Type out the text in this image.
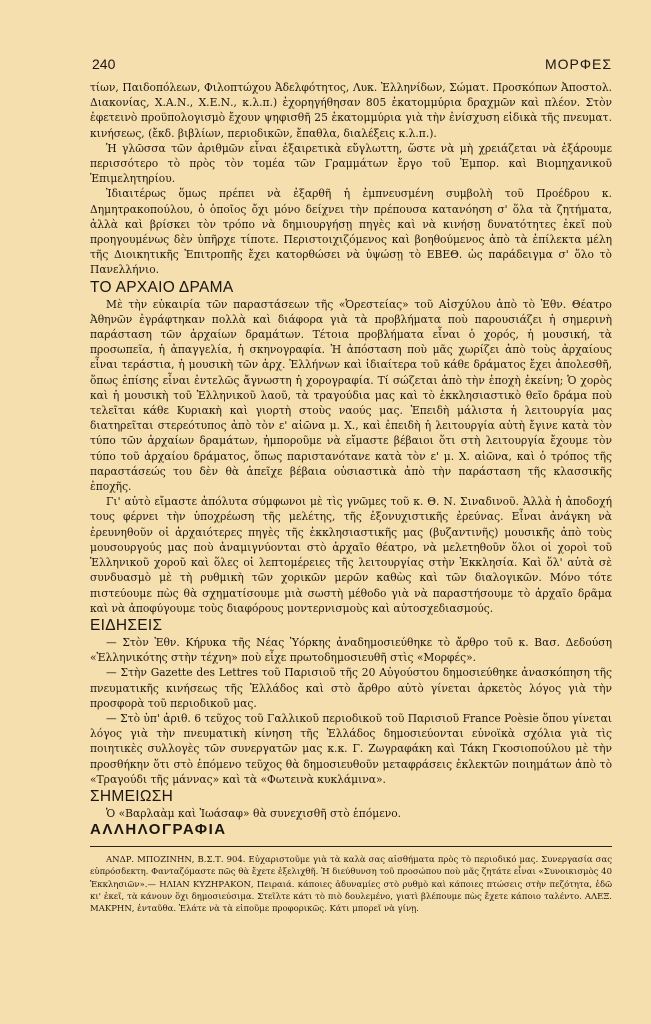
240	ΜΟΡΦΕΣ

τίων, Παιδοπόλεων, Φιλοπτώχου Ἀδελφότητος, Λυκ. Ἑλληνίδων, Σώματ. Προσκόπων Ἀποστολ. Διακονίας, Χ.Α.Ν., Χ.Ε.Ν., κ.λ.π.) ἐχορηγήθησαν 805 ἑκατομμύρια δραχμῶν καὶ πλέον. Στὸν ἐφετεινὸ προϋπολογισμὸ ἔχουν ψηφισθῆ 25 ἑκατομμύρια γιὰ τὴν ἐνίσχυση εἰδικὰ τῆς πνευματ. κινήσεως, (ἔκδ. βιβλίων, περιοδικῶν, ἔπαθλα, διαλέξεις κ.λ.π.).

Ἡ γλῶσσα τῶν ἀριθμῶν εἶναι ἐξαιρετικὰ εὔγλωττη, ὥστε νὰ μὴ χρειάζεται νὰ ἐξάρουμε περισσότερο τὸ πρὸς τὸν τομέα τῶν Γραμμάτων ἔργο τοῦ Ἐμπορ. καὶ Βιομηχανικοῦ Ἐπιμελητηρίου.

Ἰδιαιτέρως ὅμως πρέπει νὰ ἐξαρθῆ ἡ ἐμπνευσμένη συμβολὴ τοῦ Προέδρου κ. Δημητρακοπούλου, ὁ ὁποῖος ὄχι μόνο δείχνει τὴν πρέπουσα κατανόηση σ' ὅλα τὰ ζητήματα, ἀλλὰ καὶ βρίσκει τὸν τρόπο νὰ δημιουργήσῃ πηγὲς καὶ νὰ κινήσῃ δυνατότητες ἐκεῖ ποὺ προηγουμένως δὲν ὑπῆρχε τίποτε. Περιστοιχιζόμενος καὶ βοηθούμενος ἀπὸ τὰ ἐπίλεκτα μέλη τῆς Διοικητικῆς Ἐπιτροπῆς ἔχει κατορθώσει νὰ ὑψώσῃ τὸ ΕΒΕΘ. ὡς παράδειγμα σ' ὅλο τὸ Πανελλήνιο.

ΤΟ ΑΡΧΑΙΟ ΔΡΑΜΑ

Μὲ τὴν εὐκαιρία τῶν παραστάσεων τῆς «Ὀρεστείας» τοῦ Αἰσχύλου ἀπὸ τὸ Ἐθν. Θέατρο Ἀθηνῶν ἐγράφτηκαν πολλὰ καὶ διάφορα γιὰ τὰ προβλήματα ποὺ παρουσιάζει ἡ σημερινὴ παράσταση τῶν ἀρχαίων δραμάτων. Τέτοια προβλήματα εἶναι ὁ χορός, ἡ μουσική, τὰ προσωπεῖα, ἡ ἀπαγγελία, ἡ σκηνογραφία. Ἡ ἀπόσταση ποὺ μᾶς χωρίζει ἀπὸ τοὺς ἀρχαίους εἶναι τεράστια, ἡ μουσικὴ τῶν ἀρχ. Ἑλλήνων καὶ ἰδιαίτερα τοῦ κάθε δράματος ἔχει ἀπολεσθῆ, ὅπως ἐπίσης εἶναι ἐντελῶς ἄγνωστη ἡ χορογραφία. Τί σώζεται ἀπὸ τὴν ἐποχὴ ἐκείνη; Ὁ χορὸς καὶ ἡ μουσικὴ τοῦ Ἑλληνικοῦ λαοῦ, τὰ τραγούδια μας καὶ τὸ ἐκκλησιαστικὸ θεῖο δράμα ποὺ τελεῖται κάθε Κυριακὴ καὶ γιορτὴ στοὺς ναούς μας. Ἐπειδὴ μάλιστα ἡ λειτουργία μας διατηρεῖται στερεότυπος ἀπὸ τὸν ε' αἰῶνα μ. Χ., καὶ ἐπειδὴ ἡ λειτουργία αὐτὴ ἔγινε κατὰ τὸν τύπο τῶν ἀρχαίων δραμάτων, ἠμποροῦμε νὰ εἴμαστε βέβαιοι ὅτι στὴ λειτουργία ἔχουμε τὸν τύπο τοῦ ἀρχαίου δράματος, ὅπως παριστανότανε κατὰ τὸν ε' μ. Χ. αἰῶνα, καὶ ὁ τρόπος τῆς παραστάσεώς του δὲν θὰ ἀπεῖχε βέβαια οὐσιαστικὰ ἀπὸ τὴν παράσταση τῆς κλασσικῆς ἐποχῆς.

Γι' αὐτὸ εἴμαστε ἀπόλυτα σύμφωνοι μὲ τὶς γνῶμες τοῦ κ. Θ. Ν. Σιναδινοῦ. Ἀλλὰ ἡ ἀποδοχή τους φέρνει τὴν ὑποχρέωση τῆς μελέτης, τῆς ἐξονυχιστικῆς ἐρεύνας. Εἶναι ἀνάγκη νὰ ἐρευνηθοῦν οἱ ἀρχαιότερες πηγὲς τῆς ἐκκλησιαστικῆς μας (βυζαντινῆς) μουσικῆς ἀπὸ τοὺς μουσουργούς μας ποὺ ἀναμιγνύονται στὸ ἀρχαῖο θέατρο, νὰ μελετηθοῦν ὅλοι οἱ χοροὶ τοῦ Ἑλληνικοῦ χοροῦ καὶ ὅλες οἱ λεπτομέρειες τῆς λειτουργίας στὴν Ἐκκλησία. Καὶ ὅλ' αὐτὰ σὲ συνδυασμὸ μὲ τὴ ρυθμικὴ τῶν χορικῶν μερῶν καθὼς καὶ τῶν διαλογικῶν. Μόνο τότε πιστεύουμε πὼς θὰ σχηματίσουμε μιὰ σωστὴ μέθοδο γιὰ νὰ παραστήσουμε τὸ ἀρχαῖο δρᾶμα καὶ νὰ ἀποφύγουμε τοὺς διαφόρους μοντερνισμοὺς καὶ αὐτοσχεδιασμούς.

ΕΙΔΗΣΕΙΣ

— Στὸν Ἐθν. Κήρυκα τῆς Νέας Ὑόρκης ἀναδημοσιεύθηκε τὸ ἄρθρο τοῦ κ. Βασ. Δεδούση «Ἑλληνικότης στὴν τέχνη» ποὺ εἶχε πρωτοδημοσιευθῆ στὶς «Μορφές».

— Στὴν Gazette des Lettres τοῦ Παρισιοῦ τῆς 20 Αὐγούστου δημοσιεύθηκε ἀνασκόπηση τῆς πνευματικῆς κινήσεως τῆς Ἑλλάδος καὶ στὸ ἄρθρο αὐτὸ γίνεται ἀρκετὸς λόγος γιὰ τὴν προσφορὰ τοῦ περιοδικοῦ μας.

— Στὸ ὑπ' ἀριθ. 6 τεῦχος τοῦ Γαλλικοῦ περιοδικοῦ τοῦ Παρισιοῦ France Poèsie ὅπου γίνεται λόγος γιὰ τὴν πνευματικὴ κίνηση τῆς Ἑλλάδος δημοσιεύονται εὐνοϊκὰ σχόλια γιὰ τὶς ποιητικὲς συλλογὲς τῶν συνεργατῶν μας κ.κ. Γ. Ζωγραφάκη καὶ Τάκη Γκοσιοπούλου μὲ τὴν προσθήκην ὅτι στὸ ἑπόμενο τεῦχος θὰ δημοσιευθοῦν μεταφράσεις ἐκλεκτῶν ποιημάτων ἀπὸ τὸ «Τραγούδι τῆς μάννας» καὶ τὰ «Φωτεινὰ κυκλάμινα».

ΣΗΜΕΙΩΣΗ

Ὁ «Βαρλαὰμ καὶ Ἰωάσαφ» θὰ συνεχισθῆ στὸ ἑπόμενο.

ΑΛΛΗΛΟΓΡΑΦΙΑ

ΑΝΔΡ. ΜΠΟΖΙΝΗΝ, Β.Σ.Τ. 904. Εὐχαριστοῦμε γιὰ τὰ καλὰ σας αἰσθήματα πρὸς τὸ περιοδικό μας. Συνεργασία σας εὐπρόσδεκτη. Φανταζόμαστε πῶς θὰ ἔχετε ἐξελιχθῆ. Ἡ διεύθυνση τοῦ προσώπου ποὺ μᾶς ζητάτε εἶναι «Συνοικισμὸς 40 Ἐκκλησιῶν».— ΗΛΙΑΝ ΚΥΖΗΡΑΚΟΝ, Πειραιά. κάποιες ἀδυναμίες στὸ ρυθμὸ καὶ κάποιες πτώσεις στὴν πεζότητα, ἐδῶ κι' ἐκεῖ, τὰ κάνουν ὅχι δημοσιεύσιμα. Στεῖλτε κάτι τὸ πιὸ δουλεμένο, γιατὶ βλέπουμε πὼς ἔχετε κάποιο ταλέντο. ΑΛΕΞ. ΜΑΚΡΗΝ, ἐνταῦθα. Ἐλάτε νὰ τὰ εἰποῦμε προφορικῶς. Κάτι μπορεῖ νὰ γίνῃ.
